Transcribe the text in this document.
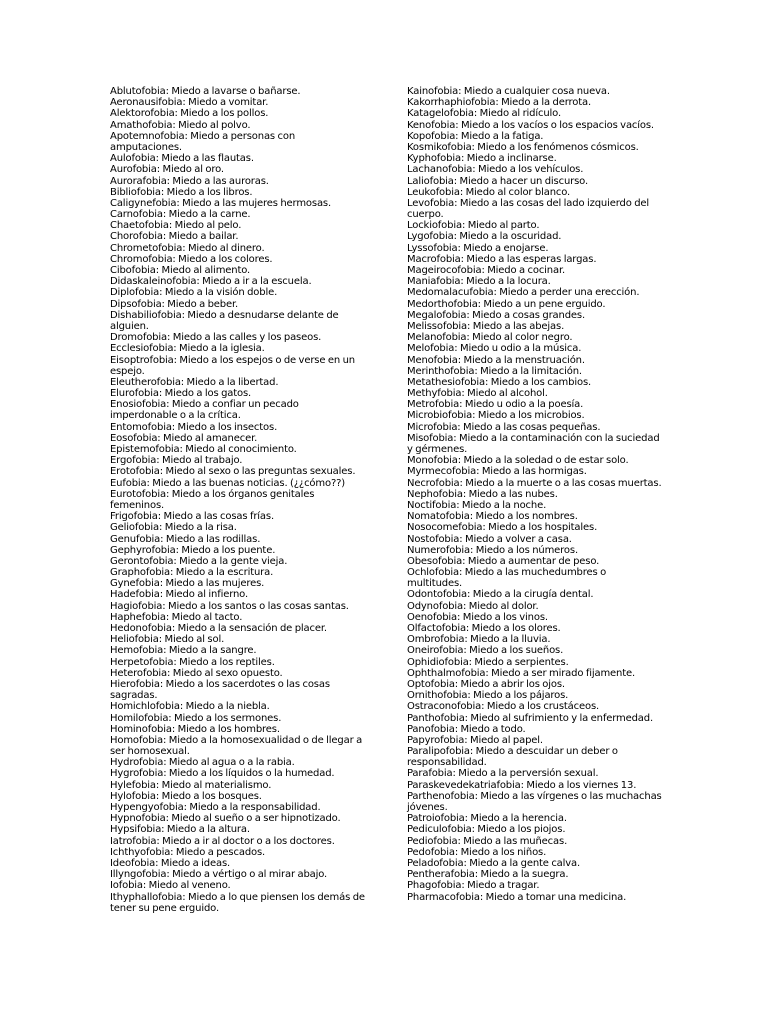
Ablutofobia: Miedo a lavarse o bañarse.

Aeronausifobia: Miedo a vomitar.

Alektorofobia: Miedo a los pollos.

Amathofobia: Miedo al polvo.

Apotemnofobia: Miedo a personas con amputaciones.

Aulofobia: Miedo a las flautas.

Aurofobia: Miedo al oro.

Aurorafobia: Miedo a las auroras.

Bibliofobia: Miedo a los libros.

Caligynefobia: Miedo a las mujeres hermosas.

Carnofobia: Miedo a la carne.

Chaetofobia: Miedo al pelo.

Chorofobia: Miedo a bailar.

Chrometofobia: Miedo al dinero.

Chromofobia: Miedo a los colores.

Cibofobia: Miedo al alimento.

Didaskaleinofobia: Miedo a ir a la escuela.

Diplofobia: Miedo a la visión doble.

Dipsofobia: Miedo a beber.

Dishabiliofobia: Miedo a desnudarse delante de alguien.

Dromofobia: Miedo a las calles y los paseos.

Ecclesiofobia: Miedo a la iglesia.

Eisoptrofobia: Miedo a los espejos o de verse en un espejo.

Eleutherofobia: Miedo a la libertad.

Elurofobia: Miedo a los gatos.

Enosiofobia: Miedo a confiar un pecado imperdonable o a la crítica.

Entomofobia: Miedo a los insectos.

Eosofobia: Miedo al amanecer.

Epistemofobia: Miedo al conocimiento.

Ergofobia: Miedo al trabajo.

Erotofobia: Miedo al sexo o las preguntas sexuales.

Eufobia: Miedo a las buenas noticias. (¿¿cómo??)

Eurotofobia: Miedo a los órganos genitales femeninos.

Frigofobia: Miedo a las cosas frías.

Geliofobia: Miedo a la risa.

Genufobia: Miedo a las rodillas.

Gephyrofobia: Miedo a los puente.

Gerontofobia: Miedo a la gente vieja.

Graphofobia: Miedo a la escritura.

Gynefobia: Miedo a las mujeres.

Hadefobia: Miedo al infierno.

Hagiofobia: Miedo a los santos o las cosas santas.

Haphefobia: Miedo al tacto.

Hedonofobia: Miedo a la sensación de placer.

Heliofobia: Miedo al sol.

Hemofobia: Miedo a la sangre.

Herpetofobia: Miedo a los reptiles.

Heterofobia: Miedo al sexo opuesto.

Hierofobia: Miedo a los sacerdotes o las cosas sagradas.

Homichlofobia: Miedo a la niebla.

Homilofobia: Miedo a los sermones.

Hominofobia: Miedo a los hombres.

Homofobia: Miedo a la homosexualidad o de llegar a ser homosexual.

Hydrofobia: Miedo al agua o a la rabia.

Hygrofobia: Miedo a los líquidos o la humedad.

Hylefobia: Miedo al materialismo.

Hylofobia: Miedo a los bosques.

Hypengyofobia: Miedo a la responsabilidad.

Hypnofobia: Miedo al sueño o a ser hipnotizado.

Hypsifobia: Miedo a la altura.

Iatrofobia: Miedo a ir al doctor o a los doctores.

Ichthyofobia: Miedo a pescados.

Ideofobia: Miedo a ideas.

Illyngofobia: Miedo a vértigo o al mirar abajo.

Iofobia: Miedo al veneno.

Ithyphallofobia: Miedo a lo que piensen los demás de tener su pene erguido.

Kainofobia: Miedo a cualquier cosa nueva.

Kakorrhaphiofobia: Miedo a la derrota.

Katagelofobia: Miedo al ridículo.

Kenofobia: Miedo a los vacíos o los espacios vacíos.

Kopofobia: Miedo a la fatiga.

Kosmikofobia: Miedo a los fenómenos cósmicos.

Kyphofobia: Miedo a inclinarse.

Lachanofobia: Miedo a los vehículos.

Laliofobia: Miedo a hacer un discurso.

Leukofobia: Miedo al color blanco.

Levofobia: Miedo a las cosas del lado izquierdo del cuerpo.

Lockiofobia: Miedo al parto.

Lygofobia: Miedo a la oscuridad.

Lyssofobia: Miedo a enojarse.

Macrofobia: Miedo a las esperas largas.

Mageirocofobia: Miedo a cocinar.

Maniafobia: Miedo a la locura.

Medomalacufobia: Miedo a perder una erección.

Medorthofobia: Miedo a un pene erguido.

Megalofobia: Miedo a cosas grandes.

Melissofobia: Miedo a las abejas.

Melanofobia: Miedo al color negro.

Melofobia: Miedo u odio a la música.

Menofobia: Miedo a la menstruación.

Merinthofobia: Miedo a la limitación.

Metathesiofobia: Miedo a los cambios.

Methyfobia: Miedo al alcohol.

Metrofobia: Miedo u odio a la poesía.

Microbiofobia: Miedo a los microbios.

Microfobia: Miedo a las cosas pequeñas.

Misofobia: Miedo a la contaminación con la suciedad y gérmenes.

Monofobia: Miedo a la soledad o de estar solo.

Myrmecofobia: Miedo a las hormigas.

Necrofobia: Miedo a la muerte o a las cosas muertas.

Nephofobia: Miedo a las nubes.

Noctifobia: Miedo a la noche.

Nomatofobia: Miedo a los nombres.

Nosocomefobia: Miedo a los hospitales.

Nostofobia: Miedo a volver a casa.

Numerofobia: Miedo a los números.

Obesofobia: Miedo a aumentar de peso.

Ochlofobia: Miedo a las muchedumbres o multitudes.

Odontofobia: Miedo a la cirugía dental.

Odynofobia: Miedo al dolor.

Oenofobia: Miedo a los vinos.

Olfactofobia: Miedo a los olores.

Ombrofobia: Miedo a la lluvia.

Oneirofobia: Miedo a los sueños.

Ophidiofobia: Miedo a serpientes.

Ophthalmofobia: Miedo a ser mirado fijamente.

Optofobia: Miedo a abrir los ojos.

Ornithofobia: Miedo a los pájaros.

Ostraconofobia: Miedo a los crustáceos.

Panthofobia: Miedo al sufrimiento y la enfermedad.

Panofobia: Miedo a todo.

Papyrofobia: Miedo al papel.

Paralipofobia: Miedo a descuidar un deber o responsabilidad.

Parafobia: Miedo a la perversión sexual.

Paraskevedekatriafobia: Miedo a los viernes 13.

Parthenofobia: Miedo a las vírgenes o las muchachas jóvenes.

Patroiofobia: Miedo a la herencia.

Pediculofobia: Miedo a los piojos.

Pediofobia: Miedo a las muñecas.

Pedofobia: Miedo a los niños.

Peladofobia: Miedo a la gente calva.

Pentherafobia: Miedo a la suegra.

Phagofobia: Miedo a tragar.

Pharmacofobia: Miedo a tomar una medicina.
